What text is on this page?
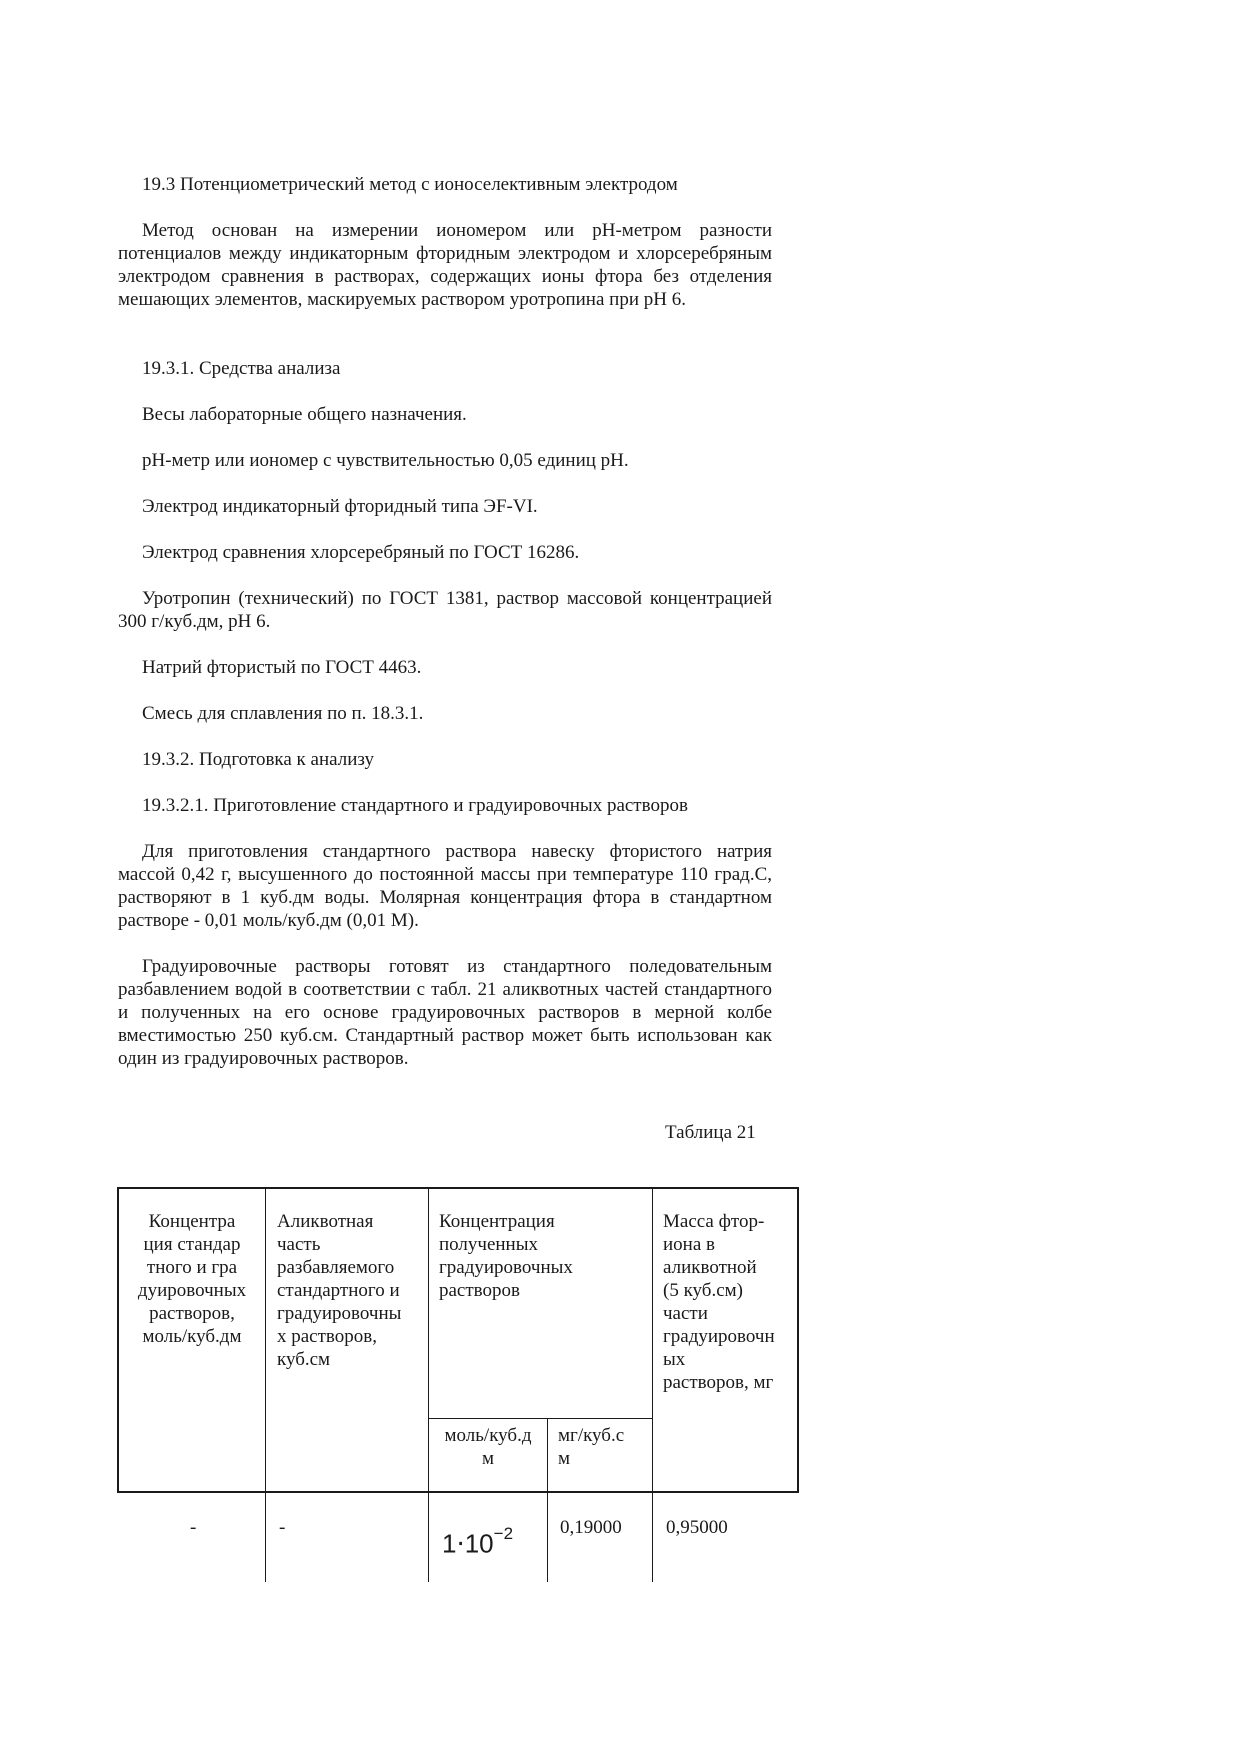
19.3 Потенциометрический метод с ионоселективным электродом
Метод основан на измерении иономером или рН-метром разности потенциалов между индикаторным фторидным электродом и хлорсеребряным электродом сравнения в растворах, содержащих ионы фтора без отделения мешающих элементов, маскируемых раствором уротропина при рН 6.
19.3.1. Средства анализа
Весы лабораторные общего назначения.
рН-метр или иономер с чувствительностью 0,05 единиц рН.
Электрод индикаторный фторидный типа ЭF-VI.
Электрод сравнения хлорсеребряный по ГОСТ 16286.
Уротропин (технический) по ГОСТ 1381, раствор массовой концентрацией 300 г/куб.дм, рН 6.
Натрий фтористый по ГОСТ 4463.
Смесь для сплавления по п. 18.3.1.
19.3.2. Подготовка к анализу
19.3.2.1. Приготовление стандартного и градуировочных растворов
Для приготовления стандартного раствора навеску фтористого натрия массой 0,42 г, высушенного до постоянной массы при температуре 110 град.С, растворяют в 1 куб.дм воды. Молярная концентрация фтора в стандартном растворе - 0,01 моль/куб.дм (0,01 М).
Градуировочные растворы готовят из стандартного поледовательным разбавлением водой в соответствии с табл. 21 аликвотных частей стандартного и полученных на его основе градуировочных растворов в мерной колбе вместимостью 250 куб.см. Стандартный раствор может быть использован как один из градуировочных растворов.
Таблица 21
Концентра
ция стандар
тного и гра
дуировочных
растворов,
моль/куб.дм
Аликвотная
часть
разбавляемого
стандартного и
градуировочны
х растворов,
куб.см
Концентрация
полученных
градуировочных
растворов
моль/куб.д
м
мг/куб.с
м
Масса фтор-
иона в
аликвотной
(5 куб.см)
части
градуировочн
ых
растворов, мг
-	-
$1\cdot 10^{-2}$ 0,19000 0,95000
